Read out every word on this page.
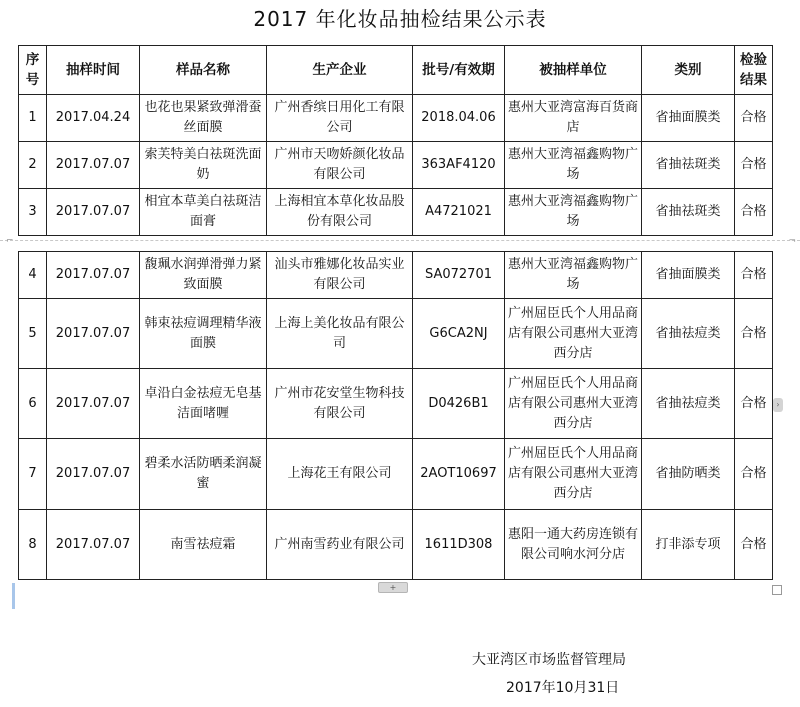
2017 年化妆品抽检结果公示表
序号	抽样时间	样品名称	生产企业	批号/有效期	被抽样单位	类别	检验结果
1	2017.04.24	也花也果紧致弹滑蚕丝面膜	广州香缤日用化工有限公司	2018.04.06	惠州大亚湾富海百货商店	省抽面膜类	合格
2	2017.07.07	索芙特美白祛斑洗面奶	广州市天吻娇颜化妆品有限公司	363AF4120	惠州大亚湾福鑫购物广场	省抽祛斑类	合格
3	2017.07.07	相宜本草美白祛斑洁面膏	上海相宜本草化妆品股份有限公司	A4721021	惠州大亚湾福鑫购物广场	省抽祛斑类	合格
⌐	¬
4	2017.07.07	馥珮水润弹滑弹力紧致面膜	汕头市雅娜化妆品实业有限公司	SA072701	惠州大亚湾福鑫购物广场	省抽面膜类	合格
5	2017.07.07	韩束祛痘调理精华液面膜	上海上美化妆品有限公司	G6CA2NJ	广州屈臣氏个人用品商店有限公司惠州大亚湾西分店	省抽祛痘类	合格
6	2017.07.07	卓沿白金祛痘无皂基洁面啫喱	广州市花安堂生物科技有限公司	D0426B1	广州屈臣氏个人用品商店有限公司惠州大亚湾西分店	省抽祛痘类	合格
7	2017.07.07	碧柔水活防晒柔润凝蜜	上海花王有限公司	2AOT10697	广州屈臣氏个人用品商店有限公司惠州大亚湾西分店	省抽防晒类	合格
8	2017.07.07	南雪祛痘霜	广州南雪药业有限公司	1611D308	惠阳一通大药房连锁有限公司响水河分店	打非添专项	合格
›
+
大亚湾区市场监督管理局
2017年10月31日
